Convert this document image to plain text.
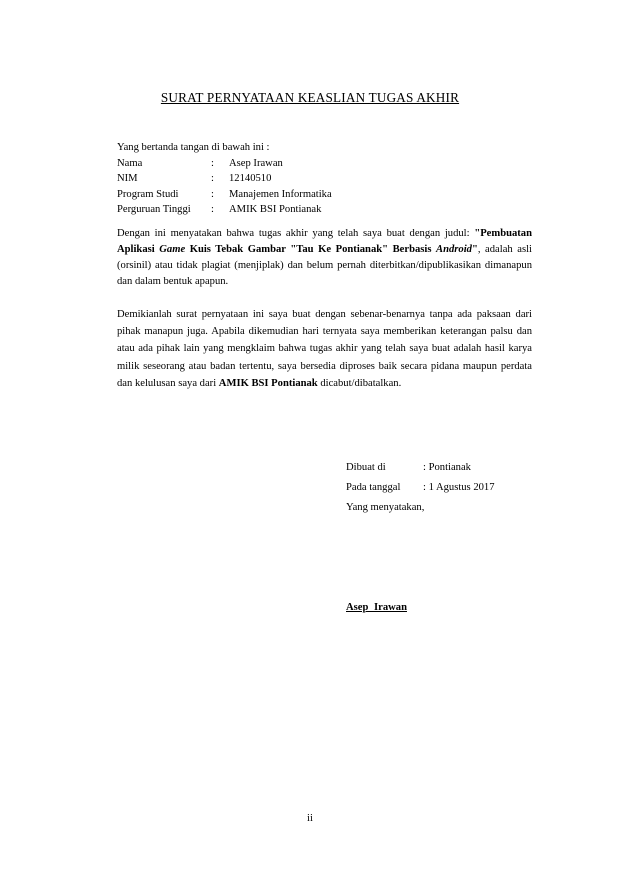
SURAT PERNYATAAN KEASLIAN TUGAS AKHIR
Yang bertanda tangan di bawah ini :
Nama	:	Asep Irawan
NIM	:	12140510
Program Studi	:	Manajemen Informatika
Perguruan Tinggi	:	AMIK BSI Pontianak
Dengan ini menyatakan bahwa tugas akhir yang telah saya buat dengan judul: "Pembuatan Aplikasi Game Kuis Tebak Gambar "Tau Ke Pontianak" Berbasis Android", adalah asli (orsinil) atau tidak plagiat (menjiplak) dan belum pernah diterbitkan/dipublikasikan dimanapun dan dalam bentuk apapun.
Demikianlah surat pernyataan ini saya buat dengan sebenar-benarnya tanpa ada paksaan dari pihak manapun juga. Apabila dikemudian hari ternyata saya memberikan keterangan palsu dan atau ada pihak lain yang mengklaim bahwa tugas akhir yang telah saya buat adalah hasil karya milik seseorang atau badan tertentu, saya bersedia diproses baik secara pidana maupun perdata dan kelulusan saya dari AMIK BSI Pontianak dicabut/dibatalkan.
Dibuat di	: Pontianak
Pada tanggal	: 1 Agustus 2017
Yang menyatakan,
Asep Irawan
ii
